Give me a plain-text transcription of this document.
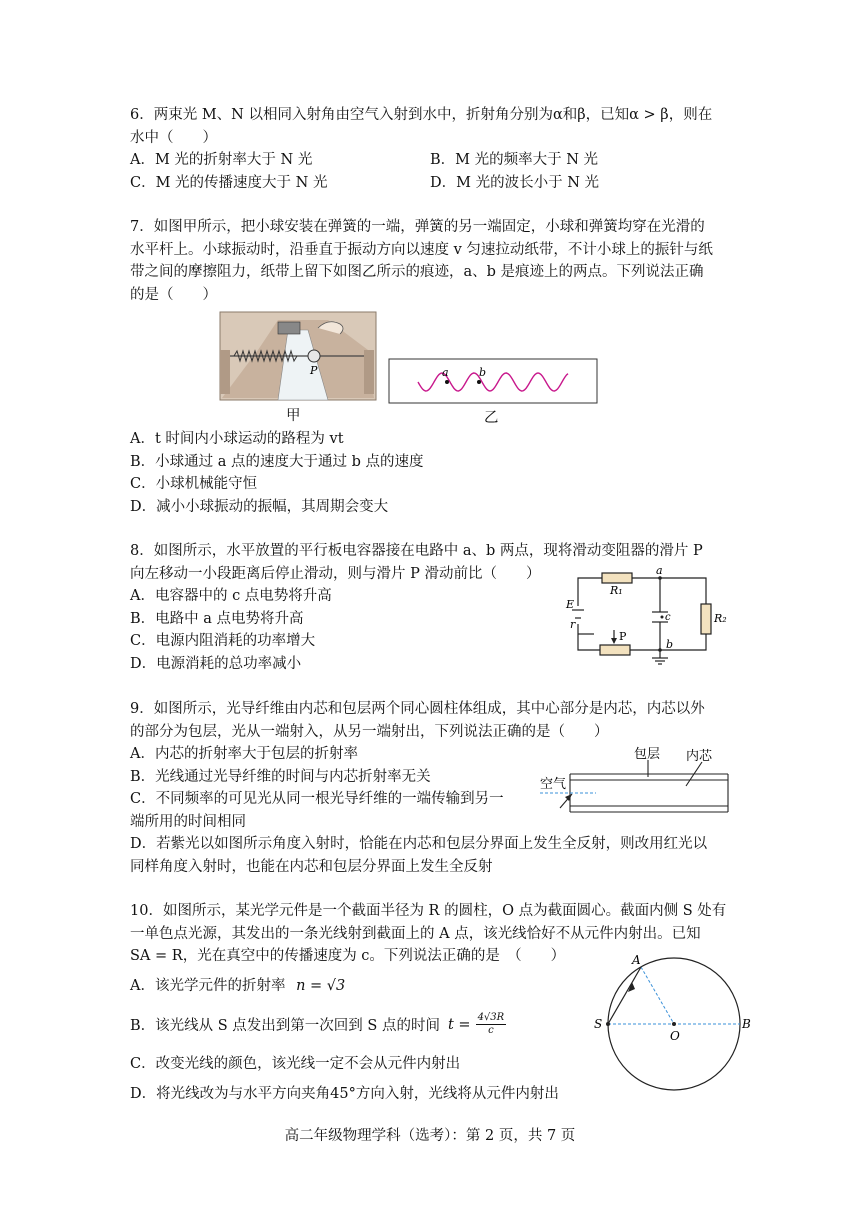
6．两束光 M、N 以相同入射角由空气入射到水中，折射角分别为α和β，已知α > β，则在
水中（　　）
A．M 光的折射率大于 N 光	B．M 光的频率大于 N 光
C．M 光的传播速度大于 N 光	D．M 光的波长小于 N 光
7．如图甲所示，把小球安装在弹簧的一端，弹簧的另一端固定，小球和弹簧均穿在光滑的
水平杆上。小球振动时，沿垂直于振动方向以速度 v 匀速拉动纸带，不计小球上的振针与纸
带之间的摩擦阻力，纸带上留下如图乙所示的痕迹，a、b 是痕迹上的两点。下列说法正确
的是（　　）
P
甲
a	b
乙
A．t 时间内小球运动的路程为 vt
B．小球通过 a 点的速度大于通过 b 点的速度
C．小球机械能守恒
D．减小小球振动的振幅，其周期会变大
8．如图所示，水平放置的平行板电容器接在电路中 a、b 两点，现将滑动变阻器的滑片 P
向左移动一小段距离后停止滑动，则与滑片 P 滑动前比（　　）
A．电容器中的 c 点电势将升高
B．电路中 a 点电势将升高
C．电源内阻消耗的功率增大
D．电源消耗的总功率减小
R₁
R₂
E
r
P
a
b
c
9．如图所示，光导纤维由内芯和包层两个同心圆柱体组成，其中心部分是内芯，内芯以外
的部分为包层，光从一端射入，从另一端射出，下列说法正确的是（　　）
A．内芯的折射率大于包层的折射率
B．光线通过光导纤维的时间与内芯折射率无关
C．不同频率的可见光从同一根光导纤维的一端传输到另一
端所用的时间相同
D．若紫光以如图所示角度入射时，恰能在内芯和包层分界面上发生全反射，则改用红光以
同样角度入射时，也能在内芯和包层分界面上发生全反射
包层 内芯
空气
10．如图所示，某光学元件是一个截面半径为 R 的圆柱，O 点为截面圆心。截面内侧 S 处有
一单色点光源，其发出的一条光线射到截面上的 A 点，该光线恰好不从元件内射出。已知
SA = R，光在真空中的传播速度为 c。下列说法正确的是　（　　）
A．该光学元件的折射率 n = √3
B．该光线从 S 点发出到第一次回到 S 点的时间 $t = \frac{4√3R}{c}$
C．改变光线的颜色，该光线一定不会从元件内射出
D．将光线改为与水平方向夹角45°方向入射，光线将从元件内射出
A
S
O
B
高二年级物理学科（选考）：第 2 页，共 7 页
